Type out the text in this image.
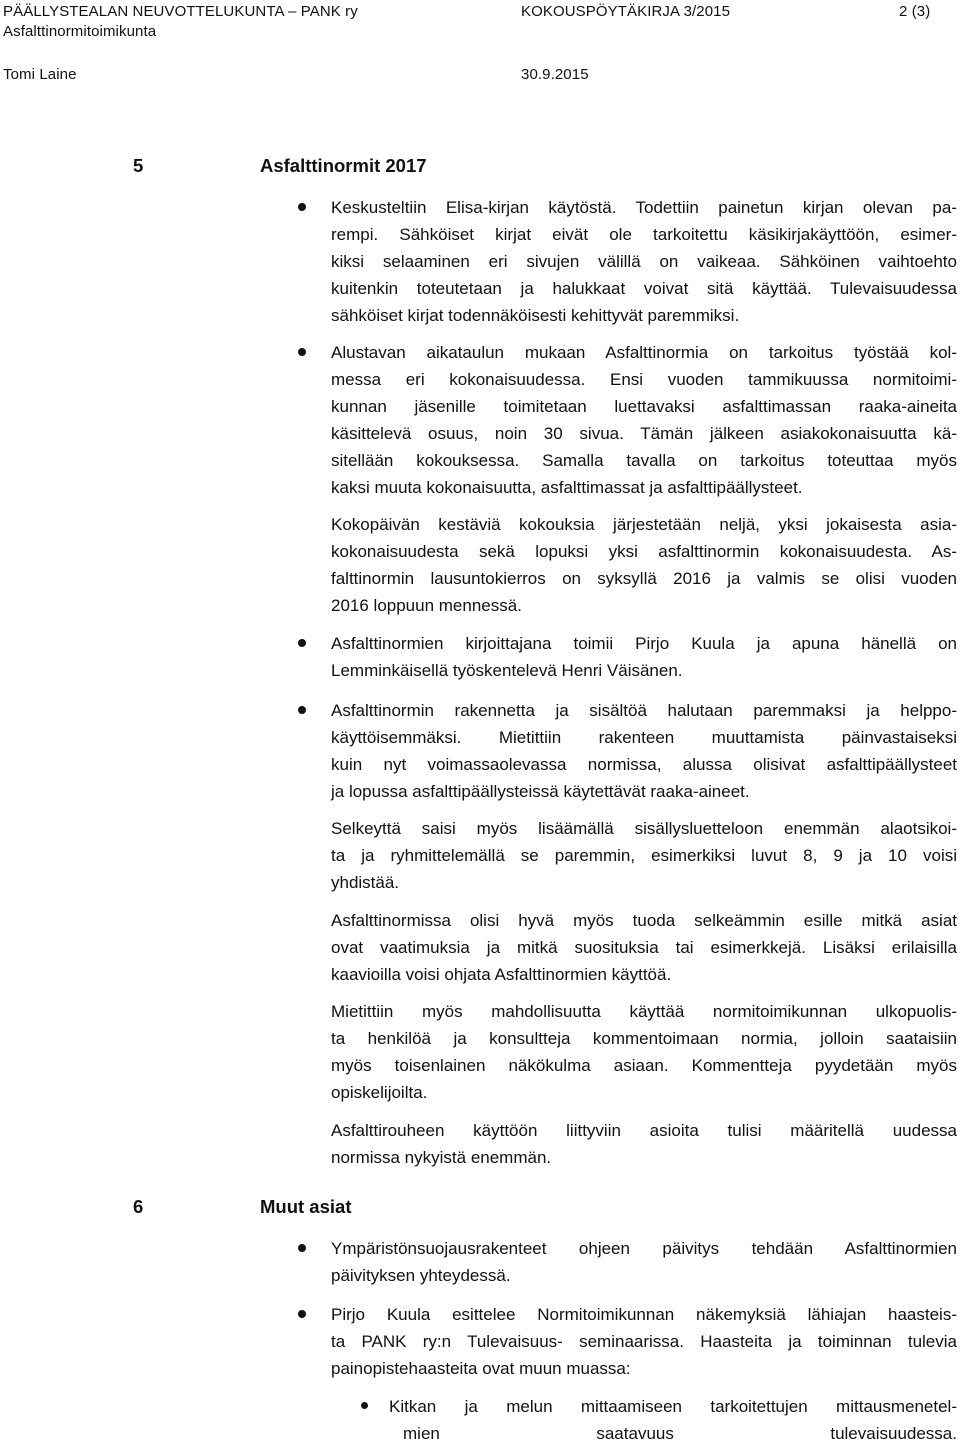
PÄÄLLYSTEALAN NEUVOTTELUKUNTA – PANK ry	KOKOUSPÖYTÄKIRJA 3/2015	2 (3)
Asfalttinormitoimikunta
Tomi Laine	30.9.2015
5	Asfalttinormit 2017
6	Muut asiat
Keskusteltiin Elisa-kirjan käytöstä. Todettiin painetun kirjan olevan pa-
rempi. Sähköiset kirjat eivät ole tarkoitettu käsikirjakäyttöön, esimer-
kiksi selaaminen eri sivujen välillä on vaikeaa. Sähköinen vaihtoehto
kuitenkin toteutetaan ja halukkaat voivat sitä käyttää. Tulevaisuudessa
sähköiset kirjat todennäköisesti kehittyvät paremmiksi.
Alustavan aikataulun mukaan Asfalttinormia on tarkoitus työstää kol-
messa eri kokonaisuudessa. Ensi vuoden tammikuussa normitoimi-
kunnan jäsenille toimitetaan luettavaksi asfalttimassan raaka-aineita
käsittelevä osuus, noin 30 sivua. Tämän jälkeen asiakokonaisuutta kä-
sitellään kokouksessa. Samalla tavalla on tarkoitus toteuttaa myös
kaksi muuta kokonaisuutta, asfalttimassat ja asfalttipäällysteet.
Kokopäivän kestäviä kokouksia järjestetään neljä, yksi jokaisesta asia-
kokonaisuudesta sekä lopuksi yksi asfalttinormin kokonaisuudesta. As-
falttinormin lausuntokierros on syksyllä 2016 ja valmis se olisi vuoden
2016 loppuun mennessä.
Asfalttinormien kirjoittajana toimii Pirjo Kuula ja apuna hänellä on
Lemminkäisellä työskentelevä Henri Väisänen.
Asfalttinormin rakennetta ja sisältöä halutaan paremmaksi ja helppo-
käyttöisemmäksi. Mietittiin rakenteen muuttamista päinvastaiseksi
kuin nyt voimassaolevassa normissa, alussa olisivat asfalttipäällysteet
ja lopussa asfalttipäällysteissä käytettävät raaka-aineet.
Selkeyttä saisi myös lisäämällä sisällysluetteloon enemmän alaotsikoi-
ta ja ryhmittelemällä se paremmin, esimerkiksi luvut 8, 9 ja 10 voisi
yhdistää.
Asfalttinormissa olisi hyvä myös tuoda selkeämmin esille mitkä asiat
ovat vaatimuksia ja mitkä suosituksia tai esimerkkejä. Lisäksi erilaisilla
kaavioilla voisi ohjata Asfalttinormien käyttöä.
Mietittiin myös mahdollisuutta käyttää normitoimikunnan ulkopuolis-
ta henkilöä ja konsultteja kommentoimaan normia, jolloin saataisiin
myös toisenlainen näkökulma asiaan. Kommentteja pyydetään myös
opiskelijoilta.
Asfalttirouheen käyttöön liittyviin asioita tulisi määritellä uudessa
normissa nykyistä enemmän.
Ympäristönsuojausrakenteet ohjeen päivitys tehdään Asfalttinormien
päivityksen yhteydessä.
Pirjo Kuula esittelee Normitoimikunnan näkemyksiä lähiajan haasteis-
ta PANK ry:n Tulevaisuus- seminaarissa. Haasteita ja toiminnan tulevia
painopistehaasteita ovat muun muassa:
Kitkan ja melun mittaamiseen tarkoitettujen mittausmenetel-
mien saatavuus tulevaisuudessa.
